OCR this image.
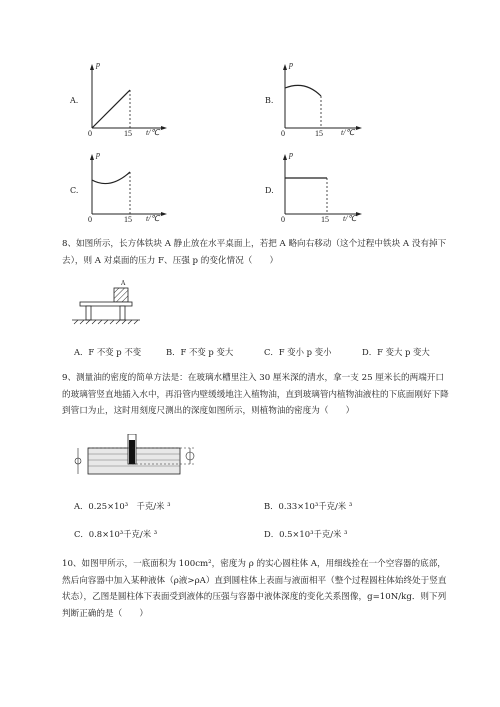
A.
p
0	15 t/℃
B.
p
0	15 t/℃
C.
p
0	15 t/℃
D.
p
0	15 t/℃
8、如图所示，长方体铁块 A 静止放在水平桌面上，若把 A 略向右移动（这个过程中铁块 A 没有掉下去），则 A 对桌面的压力 F、压强 p 的变化情况（　　）
A
A．F 不变 p 不变	B．F 不变 p 变大	C．F 变小 p 变小	D．F 变大 p 变大
9、测量油的密度的简单方法是：在玻璃水槽里注入 30 厘米深的清水，拿一支 25 厘米长的两端开口的玻璃管竖直地插入水中，再沿管内壁缓缓地注入植物油，直到玻璃管内植物油液柱的下底面刚好下降到管口为止，这时用刻度尺测出的深度如图所示，则植物油的密度为（　　）
A．0.25×10³　千克/米 ³	B．0.33×10³千克/米 ³
C．0.8×10³千克/米 ³	D．0.5×10³千克/米 ³
10、如图甲所示，一底面积为 100cm²，密度为 ρ 的实心圆柱体 A，用细线拴在一个空容器的底部，然后向容器中加入某种液体（ρ液>ρA）直到圆柱体上表面与液面相平（整个过程圆柱体始终处于竖直状态），乙图是圆柱体下表面受到液体的压强与容器中液体深度的变化关系图像，g=10N/kg．则下列判断正确的是（　　）
